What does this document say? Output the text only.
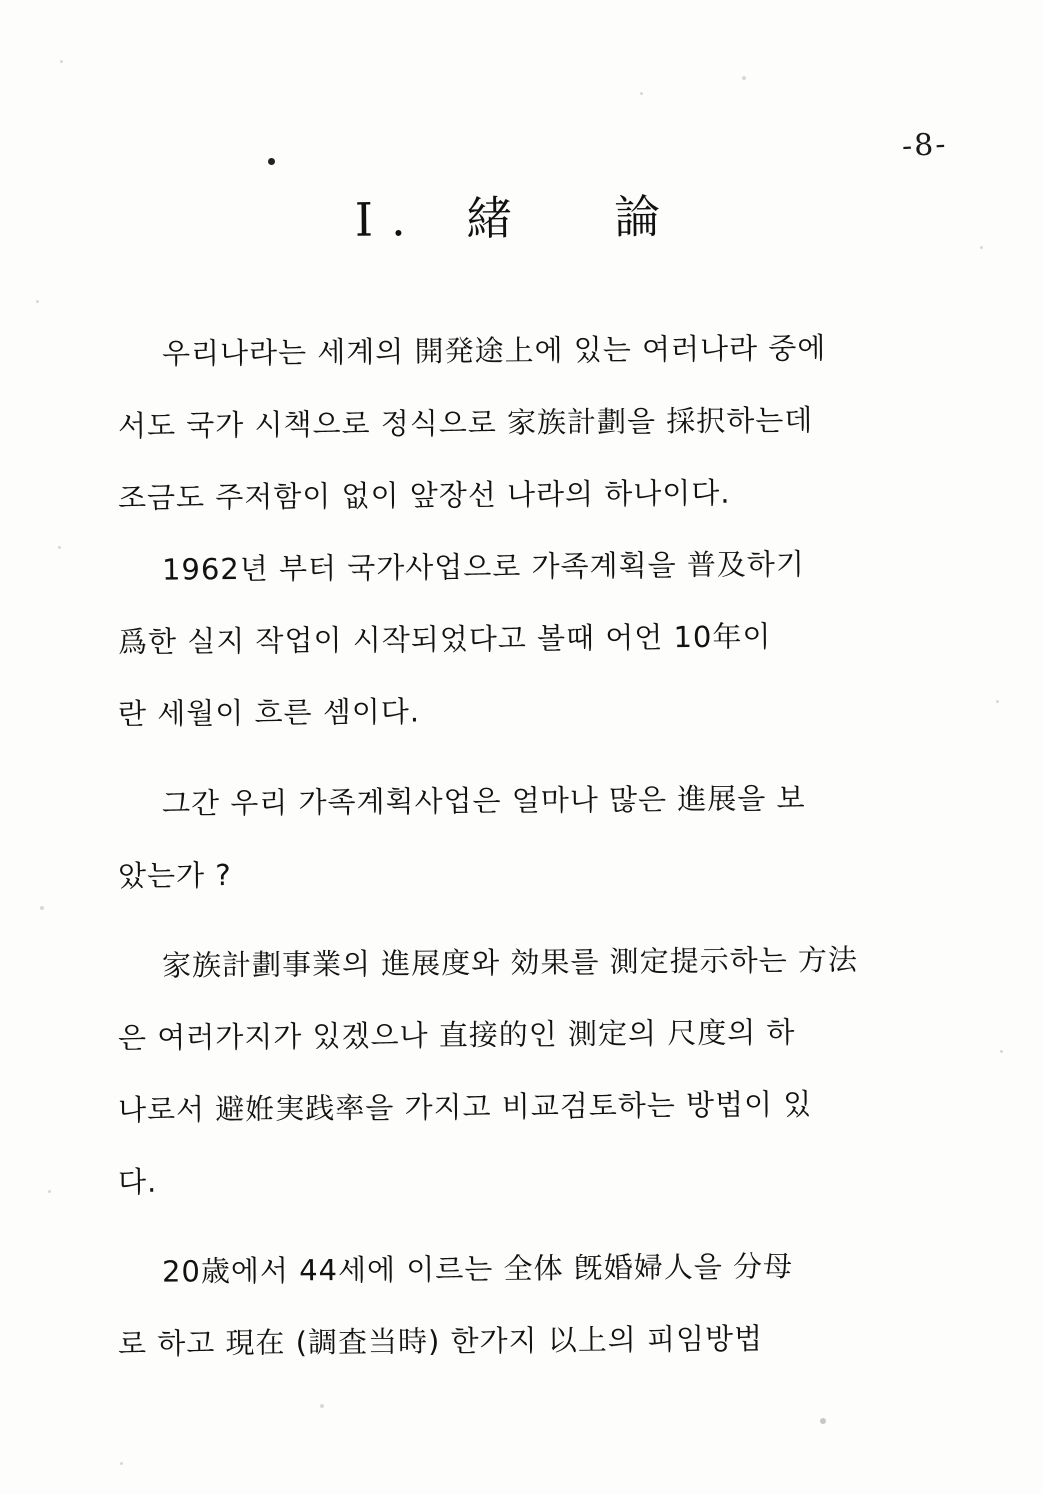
-8-
I. 緒　論

우리나라는 세계의 開発途上에 있는 여러나라 중에
서도 국가 시책으로 정식으로 家族計劃을 採択하는데
조금도 주저함이 없이 앞장선 나라의 하나이다.
1962년 부터 국가사업으로 가족계획을 普及하기
爲한 실지 작업이 시작되었다고 볼때 어언 10年이
란 세월이 흐른 셈이다.

그간 우리 가족계획사업은 얼마나 많은 進展을 보
았는가 ?

家族計劃事業의 進展度와 効果를 測定提示하는 方法
은 여러가지가 있겠으나 直接的인 測定의 尺度의 하
나로서 避姙実践率을 가지고 비교검토하는 방법이 있
다.

20歳에서 44세에 이르는 全体 旣婚婦人을 分母
로 하고 現在 (調査当時) 한가지 以上의 피임방법
